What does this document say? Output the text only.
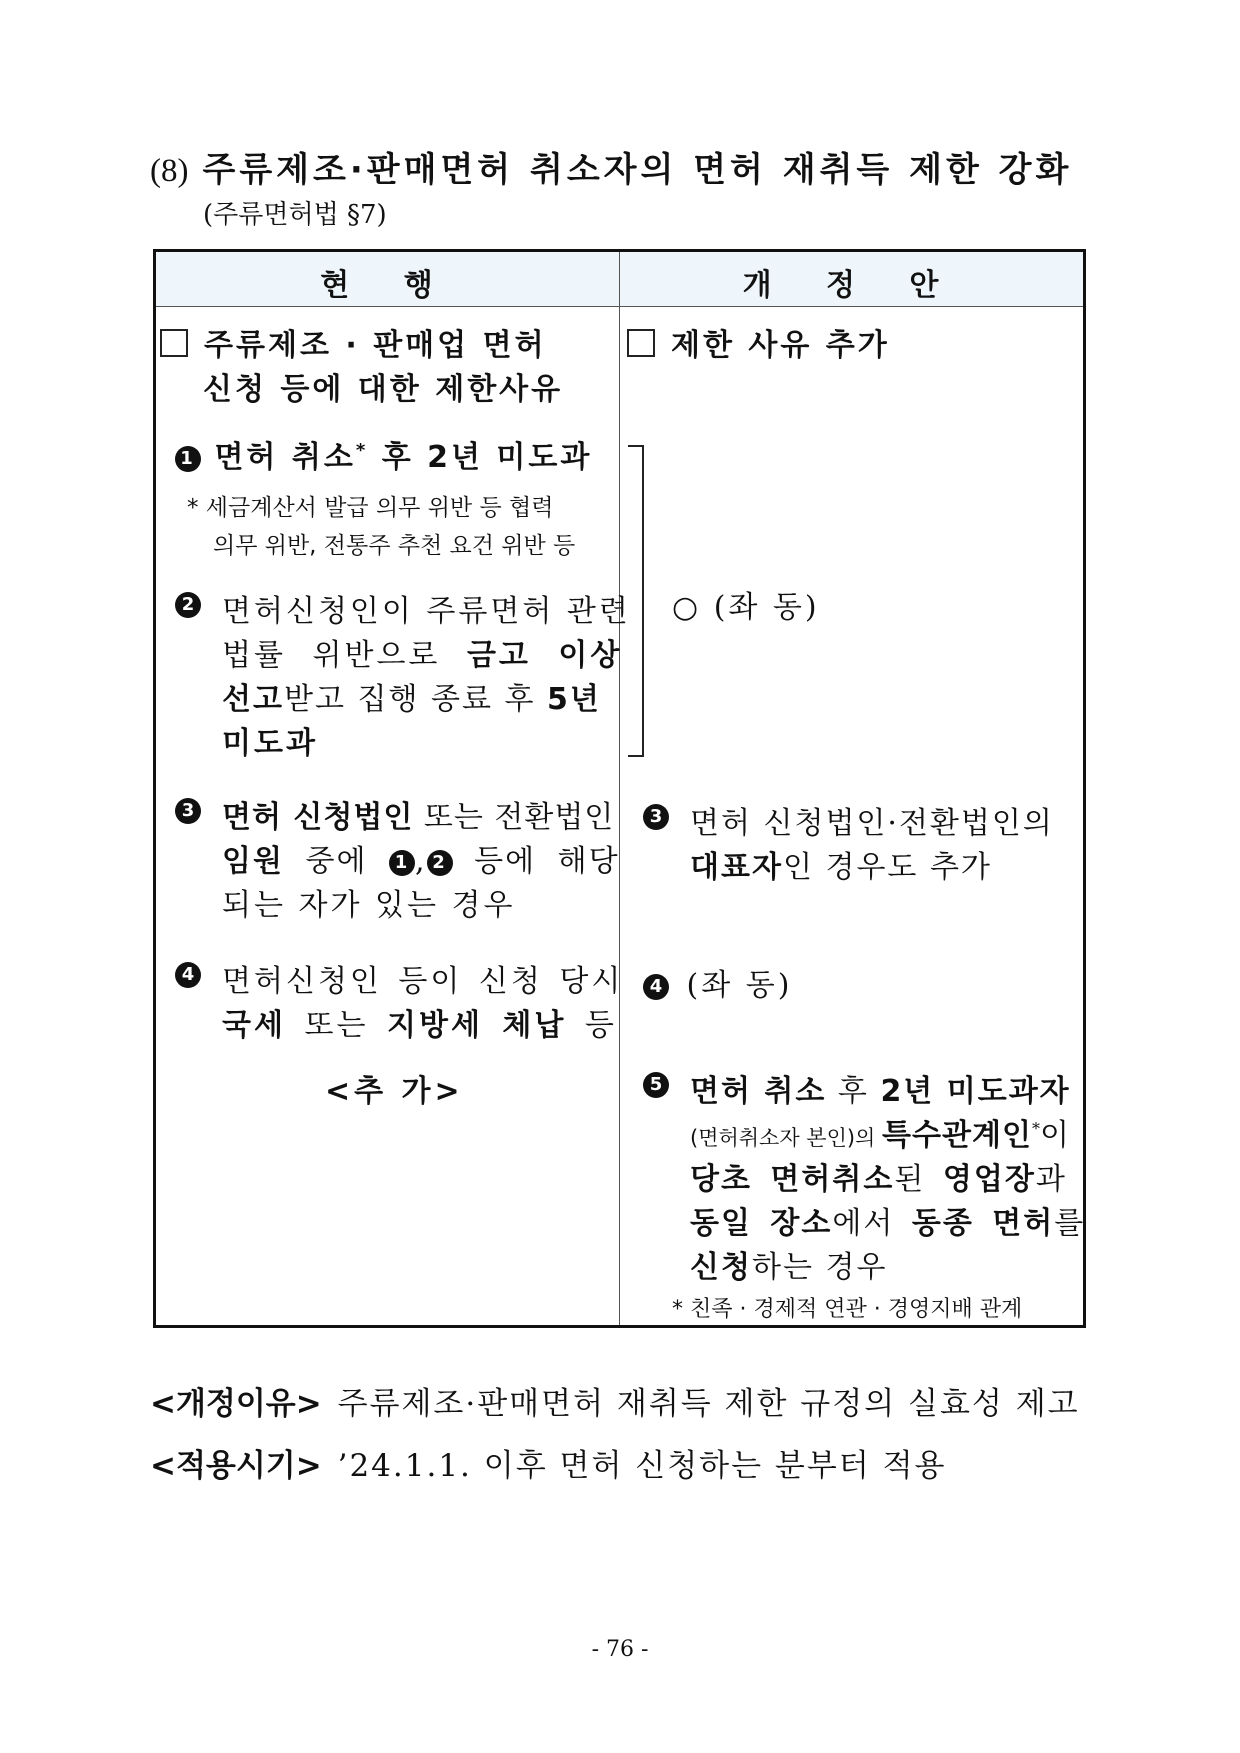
(8) 주류제조·판매면허 취소자의 면허 재취득 제한 강화
(주류면허법 §7)
현 행	개 정 안
주류제조 · 판매업 면허
신청 등에 대한 제한사유
1 면허 취소* 후 2년 미도과
* 세금계산서 발급 의무 위반 등 협력
의무 위반, 전통주 추천 요건 위반 등
2 면허신청인이 주류면허 관련
법률 위반으로 금고 이상
선고받고 집행 종료 후 5년
미도과
3 면허 신청법인 또는 전환법인
임원 중에 1 , 2 등에 해당
되는 자가 있는 경우
4 면허신청인 등이 신청 당시
국세 또는 지방세 체납 등
<추 가>
제한 사유 추가
○ (좌 동)
3 면허 신청법인·전환법인의
대표자인 경우도 추가
4 (좌 동)
5 면허 취소 후 2년 미도과자
(면허취소자 본인)의 특수관계인*이
당초 면허취소된 영업장과
동일 장소에서 동종 면허를
신청하는 경우
* 친족 · 경제적 연관 · 경영지배 관계
<개정이유> 주류제조·판매면허 재취득 제한 규정의 실효성 제고
<적용시기> ’24.1.1. 이후 면허 신청하는 분부터 적용
- 76 -
